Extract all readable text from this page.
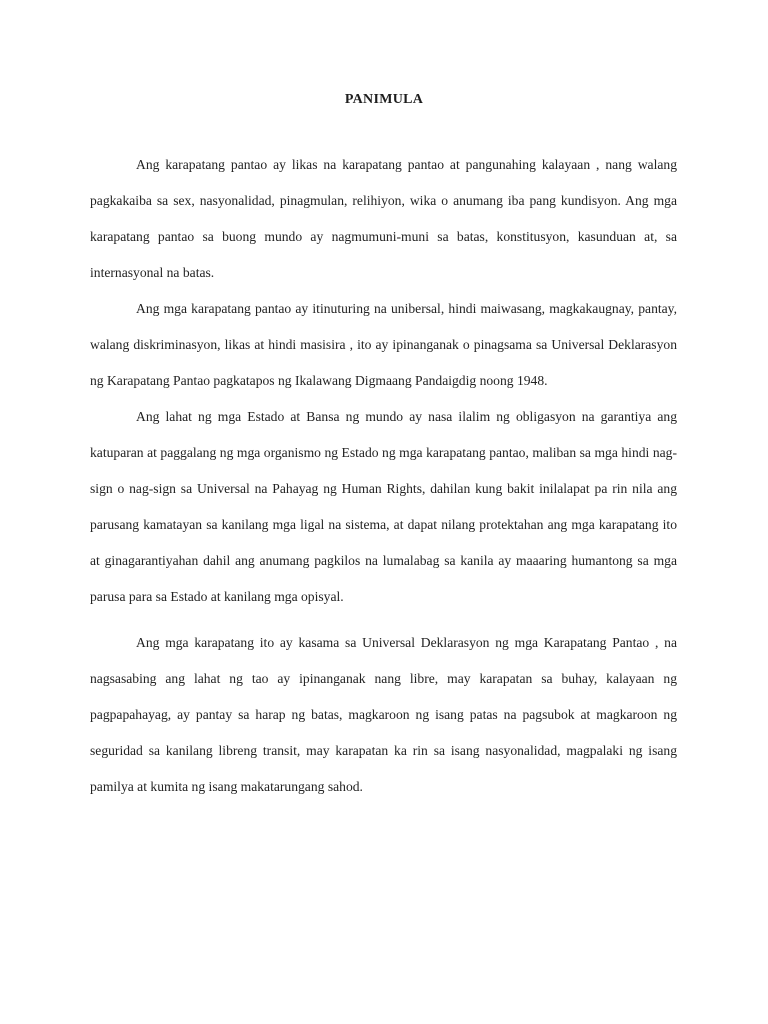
PANIMULA

Ang karapatang pantao ay likas na karapatang pantao at pangunahing kalayaan , nang walang pagkakaiba sa sex, nasyonalidad, pinagmulan, relihiyon, wika o anumang iba pang kundisyon. Ang mga karapatang pantao sa buong mundo ay nagmumuni-muni sa batas, konstitusyon, kasunduan at, sa internasyonal na batas.

Ang mga karapatang pantao ay itinuturing na unibersal, hindi maiwasang, magkakaugnay, pantay, walang diskriminasyon, likas at hindi masisira , ito ay ipinanganak o pinagsama sa Universal Deklarasyon ng Karapatang Pantao pagkatapos ng Ikalawang Digmaang Pandaigdig noong 1948.

Ang lahat ng mga Estado at Bansa ng mundo ay nasa ilalim ng obligasyon na garantiya ang katuparan at paggalang ng mga organismo ng Estado ng mga karapatang pantao, maliban sa mga hindi nag-sign o nag-sign sa Universal na Pahayag ng Human Rights, dahilan kung bakit inilalapat pa rin nila ang parusang kamatayan sa kanilang mga ligal na sistema, at dapat nilang protektahan ang mga karapatang ito at ginagarantiyahan dahil ang anumang pagkilos na lumalabag sa kanila ay maaaring humantong sa mga parusa para sa Estado at kanilang mga opisyal.

Ang mga karapatang ito ay kasama sa Universal Deklarasyon ng mga Karapatang Pantao , na nagsasabing ang lahat ng tao ay ipinanganak nang libre, may karapatan sa buhay, kalayaan ng pagpapahayag, ay pantay sa harap ng batas, magkaroon ng isang patas na pagsubok at magkaroon ng seguridad sa kanilang libreng transit, may karapatan ka rin sa isang nasyonalidad, magpalaki ng isang pamilya at kumita ng isang makatarungang sahod.
